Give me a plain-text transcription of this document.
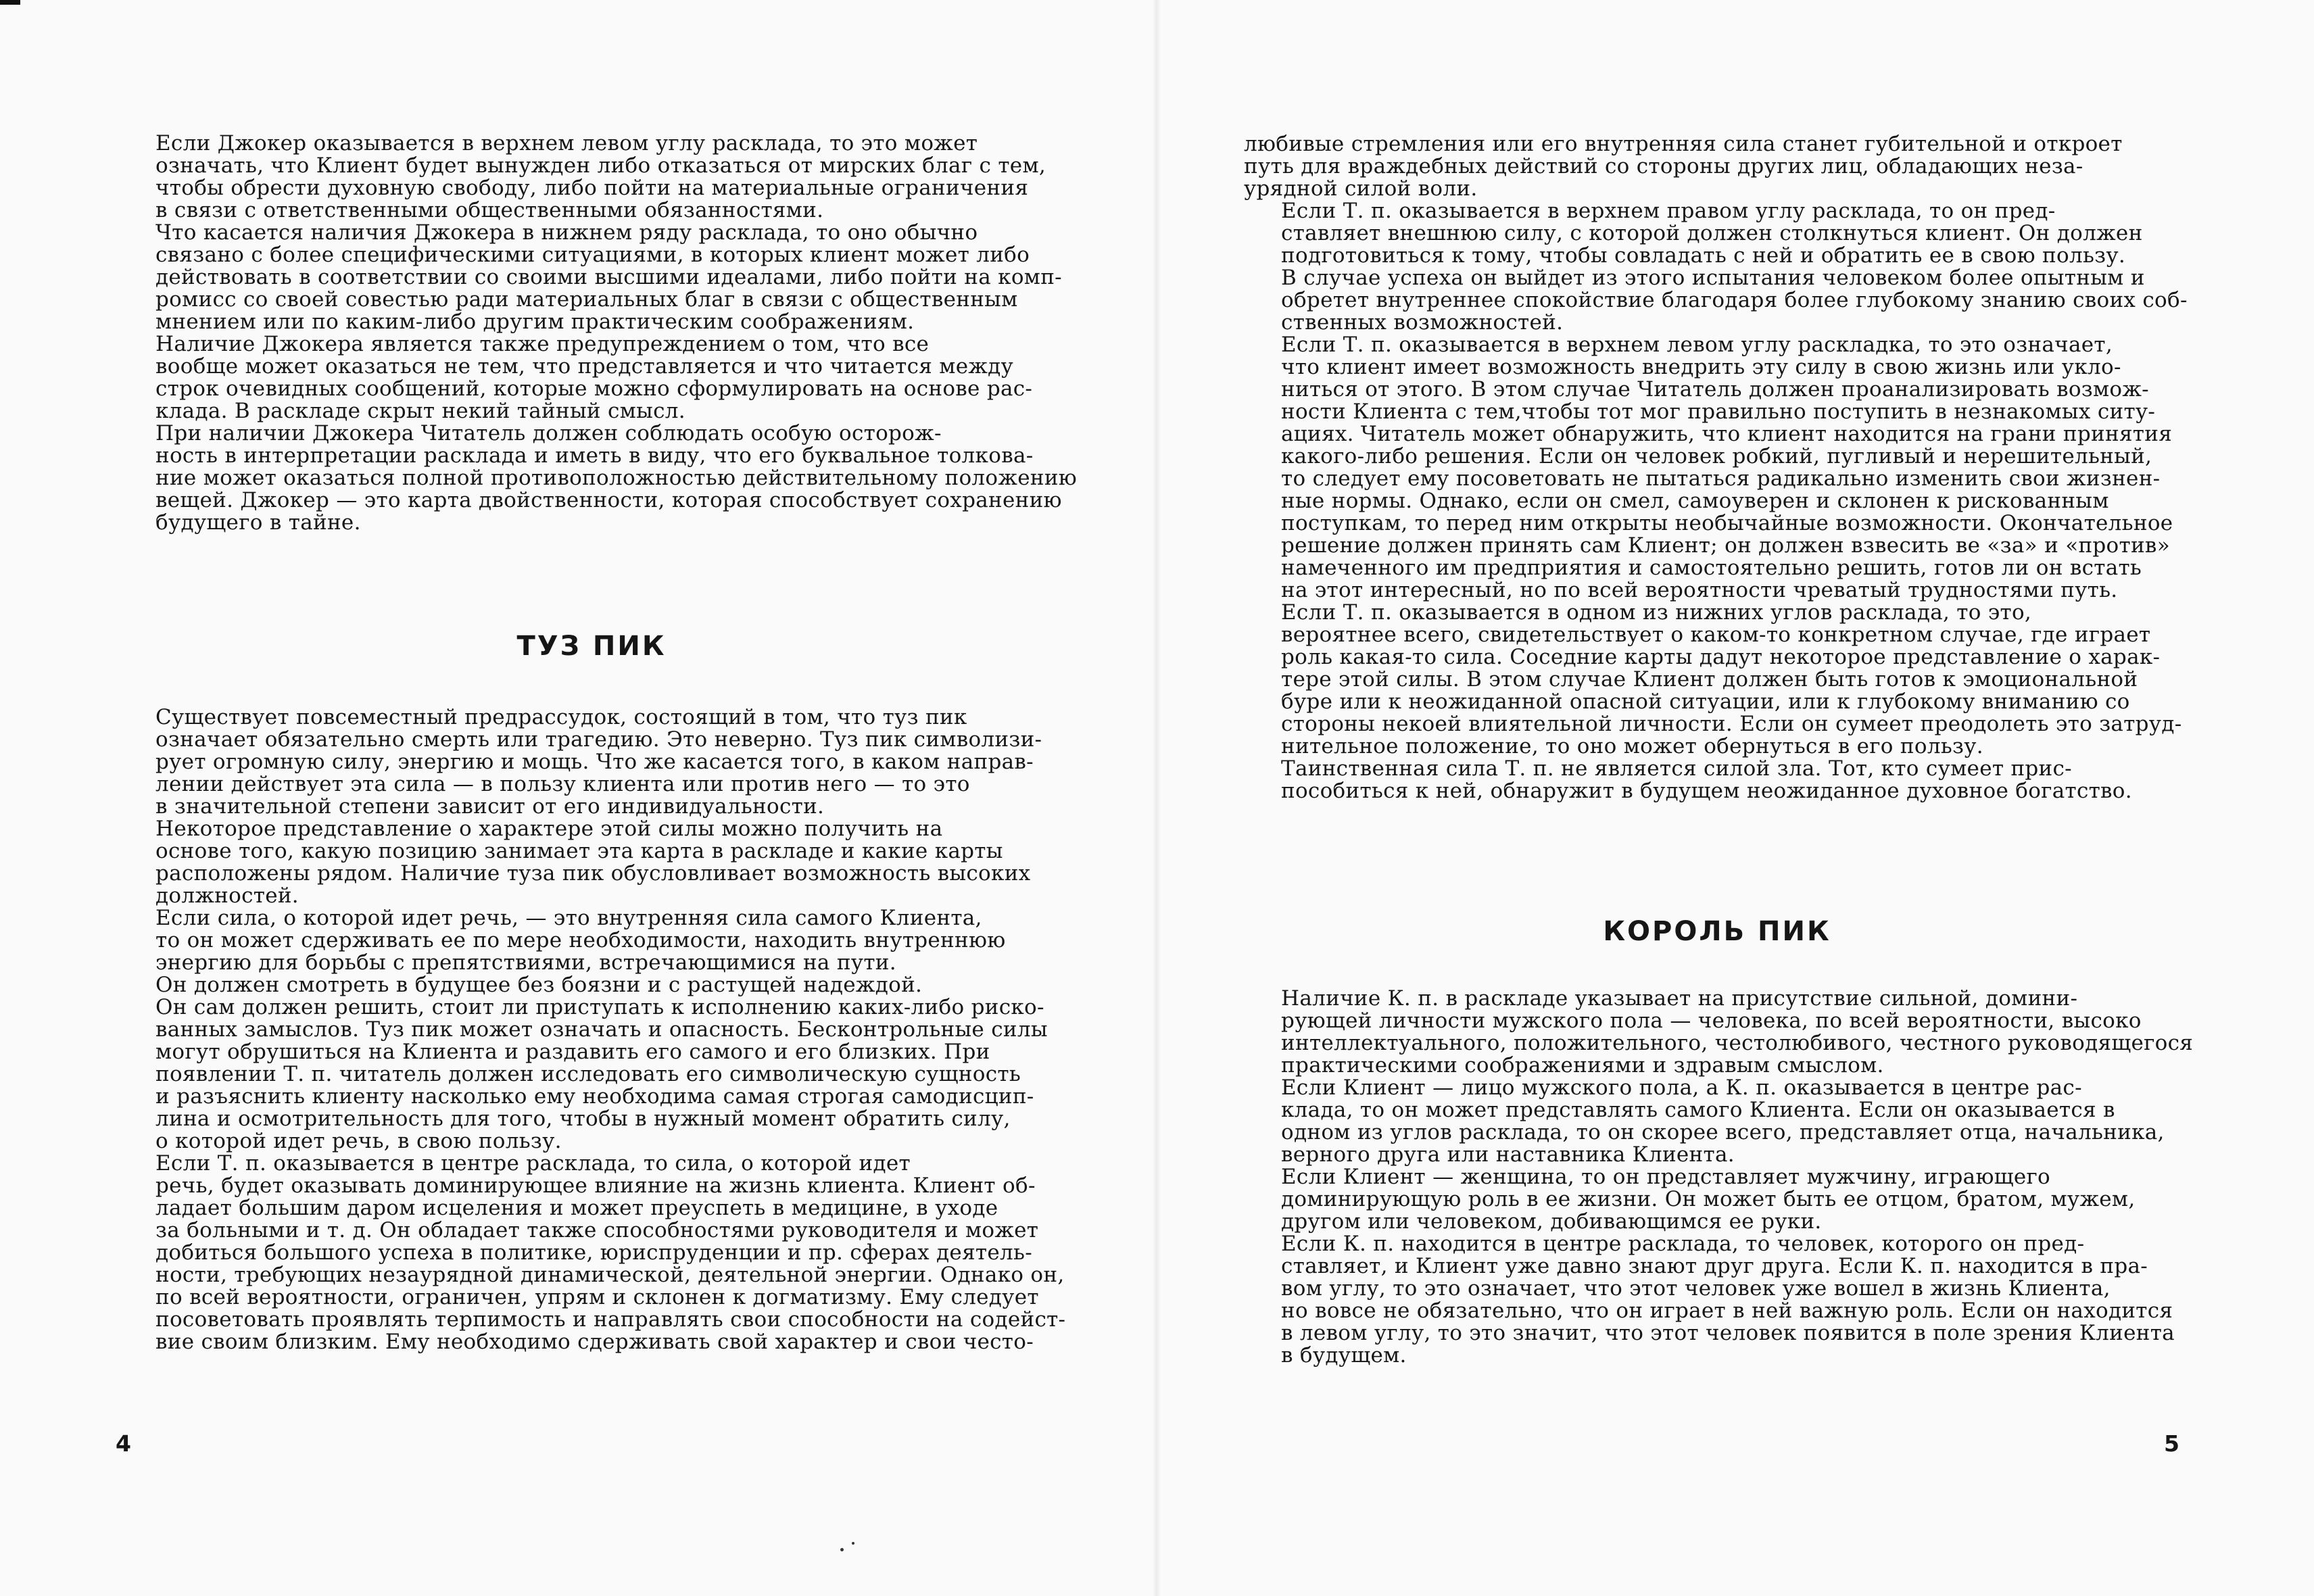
Если Джокер оказывается в верхнем левом углу расклада, то это может
означать, что Клиент будет вынужден либо отказаться от мирских благ с тем,
чтобы обрести духовную свободу, либо пойти на материальные ограничения
в связи с ответственными общественными обязанностями.

Что касается наличия Джокера в нижнем ряду расклада, то оно обычно
связано с более специфическими ситуациями, в которых клиент может либо
действовать в соответствии со своими высшими идеалами, либо пойти на комп-
ромисс со своей совестью ради материальных благ в связи с общественным
мнением или по каким-либо другим практическим соображениям.

Наличие Джокера является также предупреждением о том, что все
вообще может оказаться не тем, что представляется и что читается между
строк очевидных сообщений, которые можно сформулировать на основе рас-
клада. В раскладе скрыт некий тайный смысл.

При наличии Джокера Читатель должен соблюдать особую осторож-
ность в интерпретации расклада и иметь в виду, что его буквальное толкова-
ние может оказаться полной противоположностью действительному положению
вещей. Джокер — это карта двойственности, которая способствует сохранению
будущего в тайне.

ТУЗ ПИК

Существует повсеместный предрассудок, состоящий в том, что туз пик
означает обязательно смерть или трагедию. Это неверно. Туз пик символизи-
рует огромную силу, энергию и мощь. Что же касается того, в каком направ-
лении действует эта сила — в пользу клиента или против него — то это
в значительной степени зависит от его индивидуальности.

Некоторое представление о характере этой силы можно получить на
основе того, какую позицию занимает эта карта в раскладе и какие карты
расположены рядом. Наличие туза пик обусловливает возможность высоких
должностей.

Если сила, о которой идет речь, — это внутренняя сила самого Клиента,
то он может сдерживать ее по мере необходимости, находить внутреннюю
энергию для борьбы с препятствиями, встречающимися на пути.

Он должен смотреть в будущее без боязни и с растущей надеждой.
Он сам должен решить, стоит ли приступать к исполнению каких-либо риско-
ванных замыслов. Туз пик может означать и опасность. Бесконтрольные силы
могут обрушиться на Клиента и раздавить его самого и его близких. При
появлении Т. п. читатель должен исследовать его символическую сущность
и разъяснить клиенту насколько ему необходима самая строгая самодисцип-
лина и осмотрительность для того, чтобы в нужный момент обратить силу,
о которой идет речь, в свою пользу.

Если Т. п. оказывается в центре расклада, то сила, о которой идет
речь, будет оказывать доминирующее влияние на жизнь клиента. Клиент об-
ладает большим даром исцеления и может преуспеть в медицине, в уходе
за больными и т. д. Он обладает также способностями руководителя и может
добиться большого успеха в политике, юриспруденции и пр. сферах деятель-
ности, требующих незаурядной динамической, деятельной энергии. Однако он,
по всей вероятности, ограничен, упрям и склонен к догматизму. Ему следует
посоветовать проявлять терпимость и направлять свои способности на содейст-
вие своим близким. Ему необходимо сдерживать свой характер и свои често-

4

любивые стремления или его внутренняя сила станет губительной и откроет
путь для враждебных действий со стороны других лиц, обладающих неза-
урядной силой воли.

Если Т. п. оказывается в верхнем правом углу расклада, то он пред-
ставляет внешнюю силу, с которой должен столкнуться клиент. Он должен
подготовиться к тому, чтобы совладать с ней и обратить ее в свою пользу.
В случае успеха он выйдет из этого испытания человеком более опытным и
обретет внутреннее спокойствие благодаря более глубокому знанию своих соб-
ственных возможностей.

Если Т. п. оказывается в верхнем левом углу раскладка, то это означает,
что клиент имеет возможность внедрить эту силу в свою жизнь или укло-
ниться от этого. В этом случае Читатель должен проанализировать возмож-
ности Клиента с тем,чтобы тот мог правильно поступить в незнакомых ситу-
ациях. Читатель может обнаружить, что клиент находится на грани принятия
какого-либо решения. Если он человек робкий, пугливый и нерешительный,
то следует ему посоветовать не пытаться радикально изменить свои жизнен-
ные нормы. Однако, если он смел, самоуверен и склонен к рискованным
поступкам, то перед ним открыты необычайные возможности. Окончательное
решение должен принять сам Клиент; он должен взвесить ве «за» и «против»
намеченного им предприятия и самостоятельно решить, готов ли он встать
на этот интересный, но по всей вероятности чреватый трудностями путь.

Если Т. п. оказывается в одном из нижних углов расклада, то это,
вероятнее всего, свидетельствует о каком-то конкретном случае, где играет
роль какая-то сила. Соседние карты дадут некоторое представление о харак-
тере этой силы. В этом случае Клиент должен быть готов к эмоциональной
буре или к неожиданной опасной ситуации, или к глубокому вниманию со
стороны некоей влиятельной личности. Если он сумеет преодолеть это затруд-
нительное положение, то оно может обернуться в его пользу.

Таинственная сила Т. п. не является силой зла. Тот, кто сумеет прис-
пособиться к ней, обнаружит в будущем неожиданное духовное богатство.

КОРОЛЬ ПИК

Наличие К. п. в раскладе указывает на присутствие сильной, домини-
рующей личности мужского пола — человека, по всей вероятности, высоко
интеллектуального, положительного, честолюбивого, честного руководящегося
практическими соображениями и здравым смыслом.

Если Клиент — лицо мужского пола, а К. п. оказывается в центре рас-
клада, то он может представлять самого Клиента. Если он оказывается в
одном из углов расклада, то он скорее всего, представляет отца, начальника,
верного друга или наставника Клиента.

Если Клиент — женщина, то он представляет мужчину, играющего
доминирующую роль в ее жизни. Он может быть ее отцом, братом, мужем,
другом или человеком, добивающимся ее руки.

Если К. п. находится в центре расклада, то человек, которого он пред-
ставляет, и Клиент уже давно знают друг друга. Если К. п. находится в пра-
вом углу, то это означает, что этот человек уже вошел в жизнь Клиента,
но вовсе не обязательно, что он играет в ней важную роль. Если он находится
в левом углу, то это значит, что этот человек появится в поле зрения Клиента
в будущем.

5
